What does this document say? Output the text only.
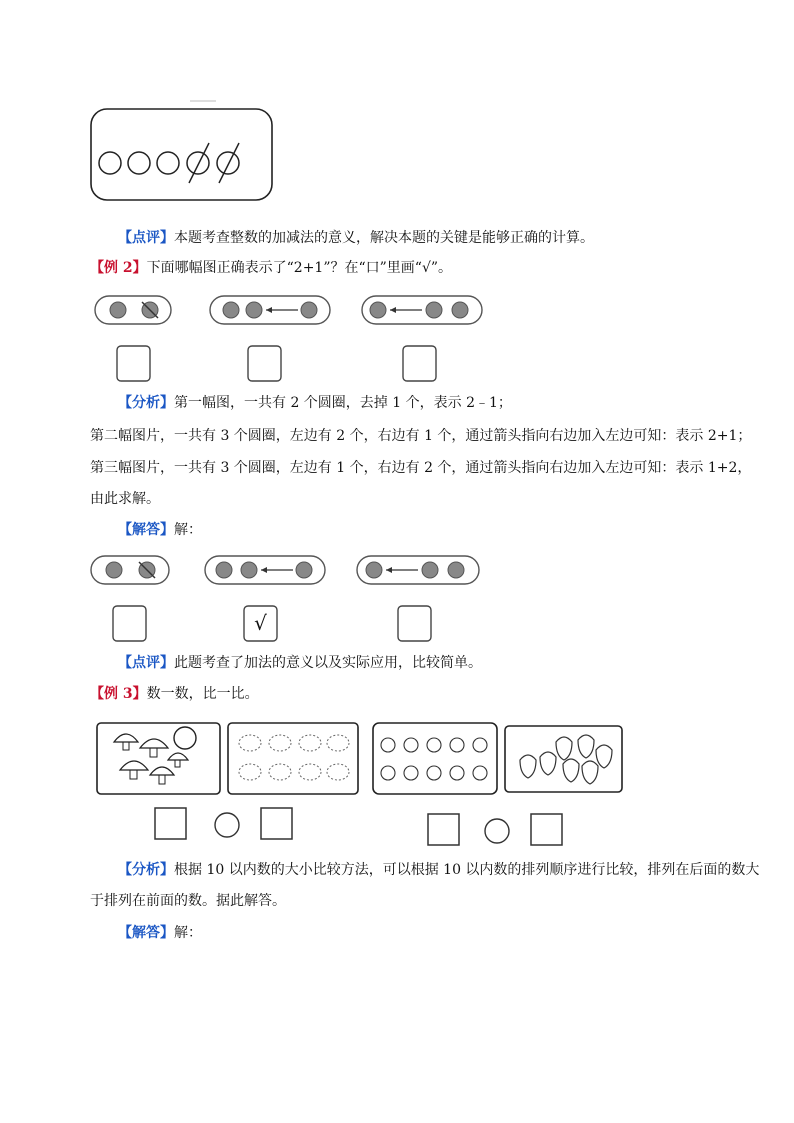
【点评】本题考查整数的加减法的意义，解决本题的关键是能够正确的计算。
【例 2】下面哪幅图正确表示了“2+1”？在“口”里画“√”。
【分析】第一幅图，一共有 2 个圆圈，去掉 1 个，表示 2﹣1；
第二幅图片，一共有 3 个圆圈，左边有 2 个，右边有 1 个，通过箭头指向右边加入左边可知：表示 2+1；
第三幅图片，一共有 3 个圆圈，左边有 1 个，右边有 2 个，通过箭头指向右边加入左边可知：表示 1+2，
由此求解。
【解答】解：
√
【点评】此题考查了加法的意义以及实际应用，比较简单。
【例 3】数一数，比一比。
【分析】根据 10 以内数的大小比较方法，可以根据 10 以内数的排列顺序进行比较，排列在后面的数大
于排列在前面的数。据此解答。
【解答】解：
